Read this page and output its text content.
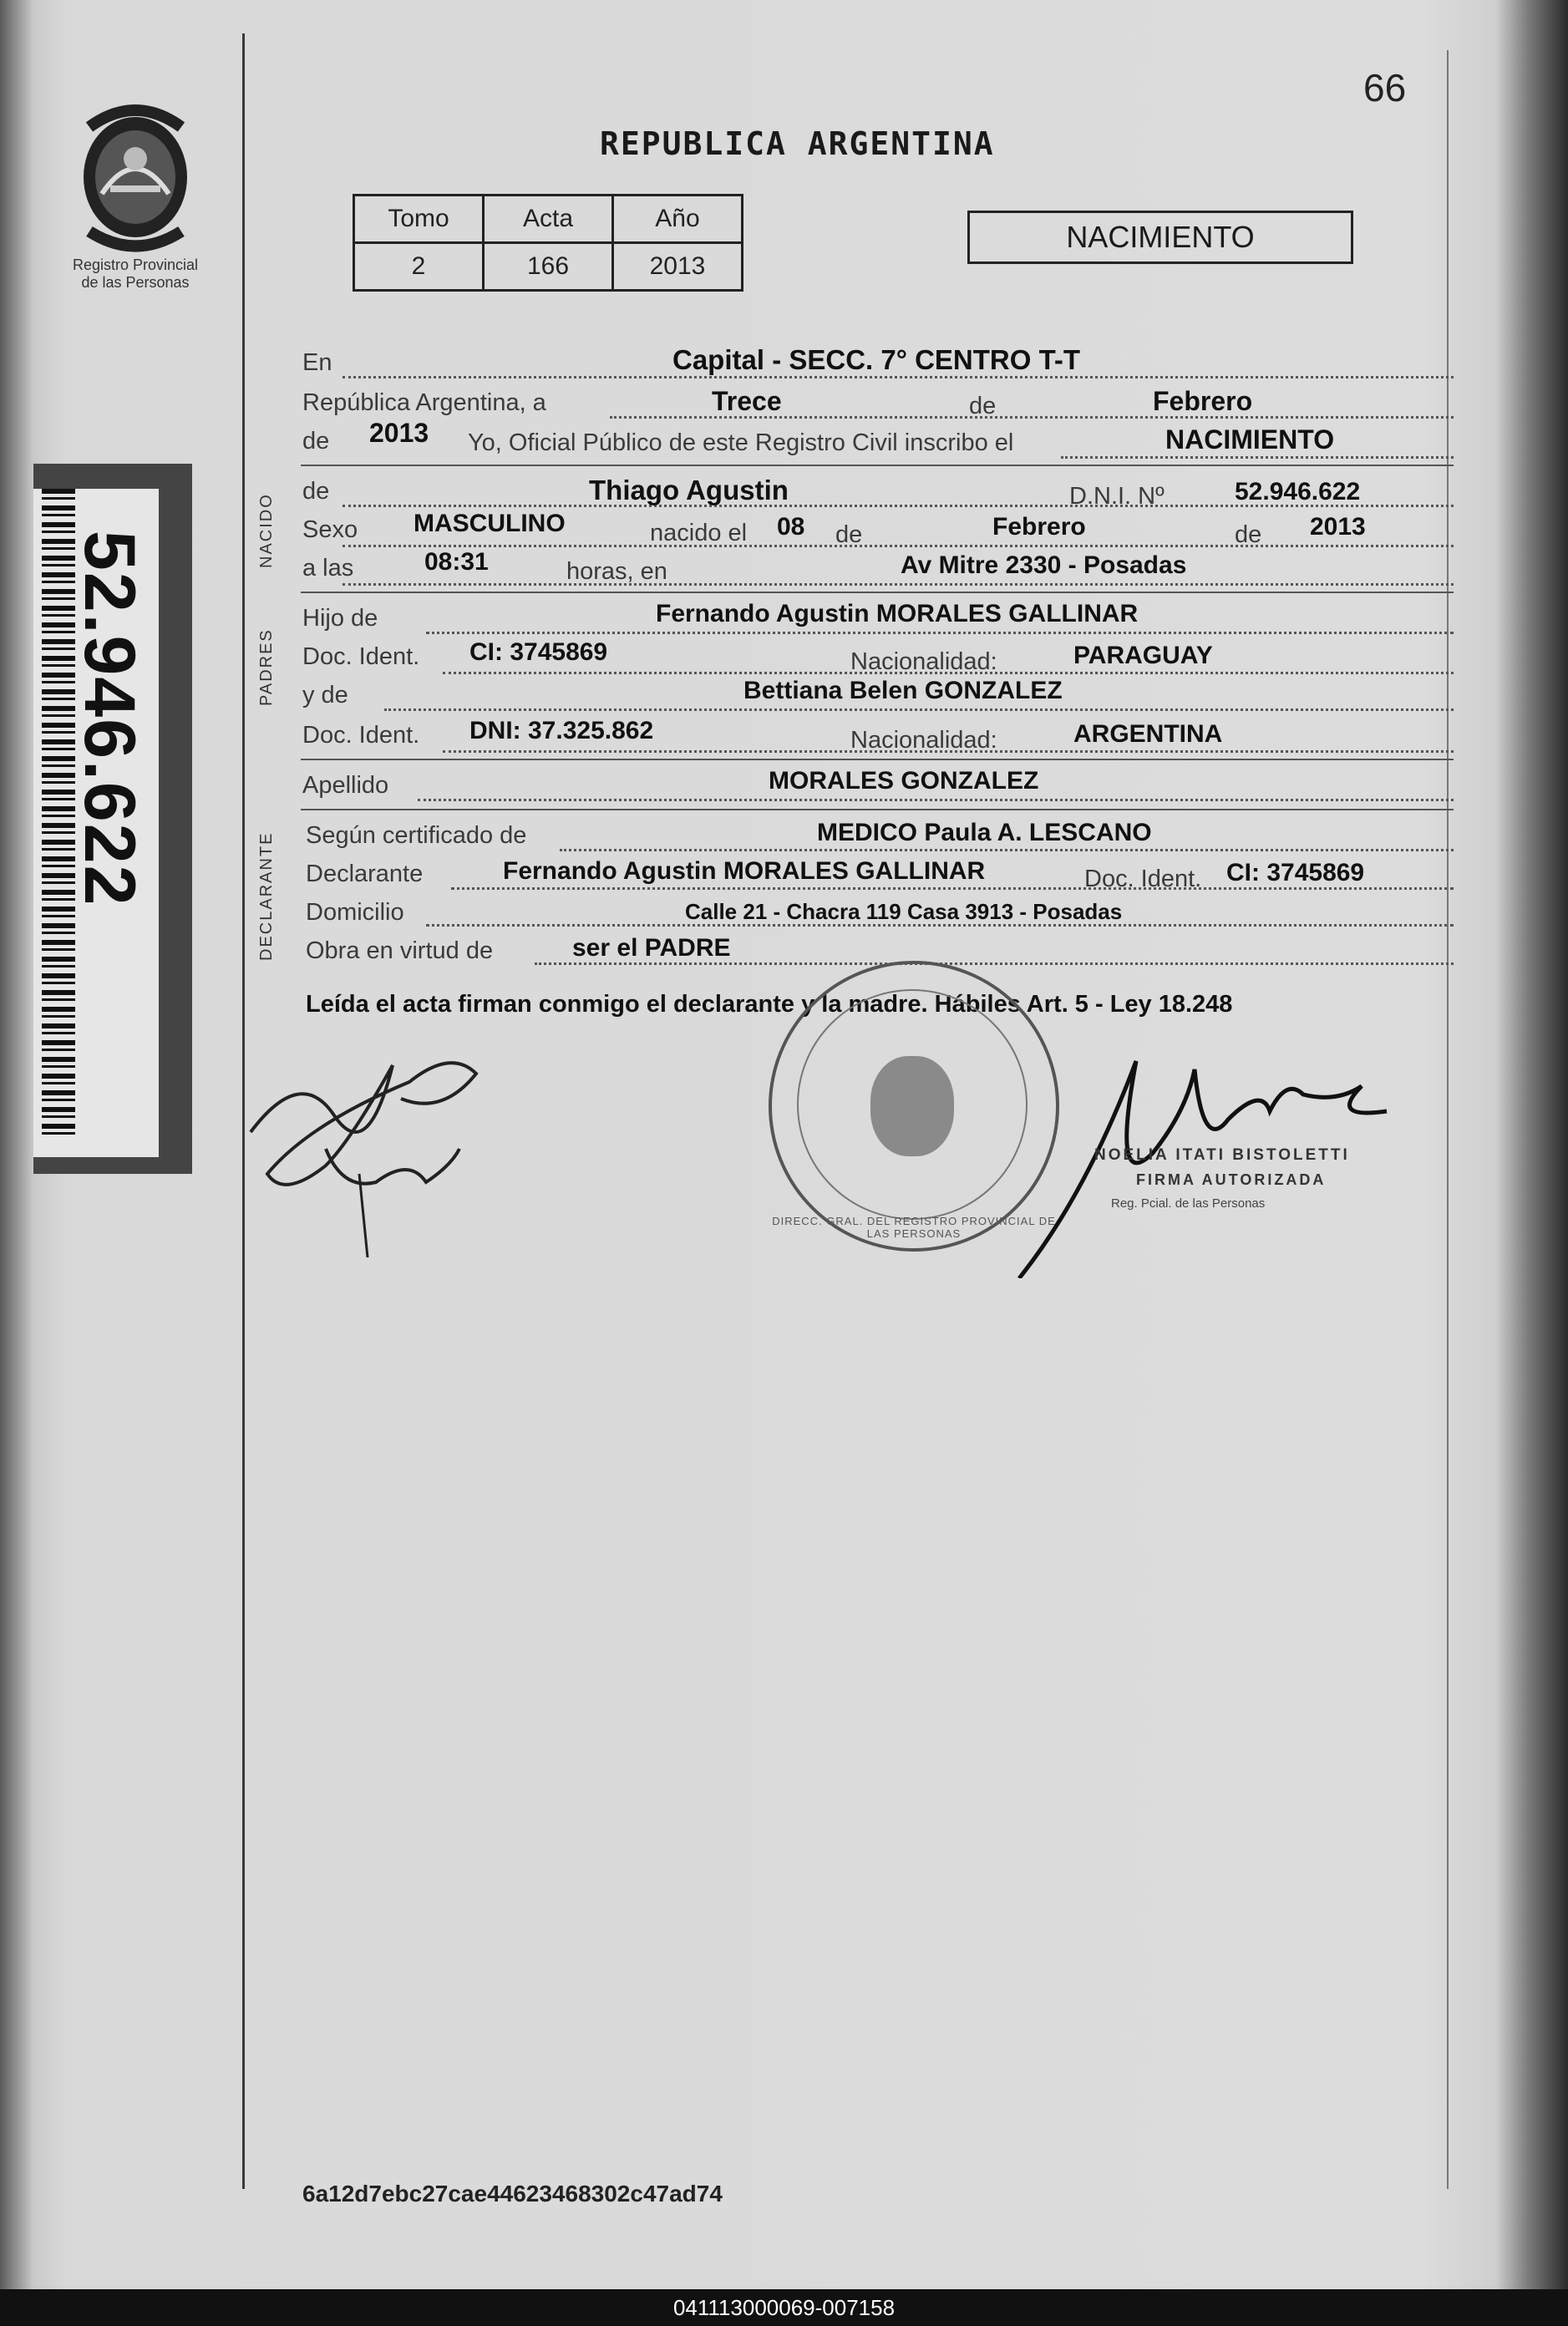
66
Registro Provincial
de las Personas
52.946.622
REPUBLICA ARGENTINA
Tomo	Acta	Año
2	166	2013
NACIMIENTO
En	Capital - SECC. 7° CENTRO T-T
República Argentina, a	Trece	de	Febrero
de 2013 Yo, Oficial Público de este Registro Civil inscribo el	NACIMIENTO
NACIDO
de	Thiago Agustin	D.N.I. Nº	52.946.622
Sexo MASCULINO	nacido el 08 de	Febrero	de 2013
a las	08:31	horas, en	Av Mitre 2330 - Posadas
PADRES
Hijo de	Fernando Agustin MORALES GALLINAR
Doc. Ident. CI: 3745869	Nacionalidad:	PARAGUAY
y de	Bettiana Belen GONZALEZ
Doc. Ident. DNI: 37.325.862	Nacionalidad:	ARGENTINA
Apellido	MORALES GONZALEZ
DECLARANTE Según certificado de	MEDICO Paula A. LESCANO
Declarante	Fernando Agustin MORALES GALLINAR	Doc. Ident. CI: 3745869
Domicilio	Calle 21 - Chacra 119 Casa 3913 - Posadas
Obra en virtud de	ser el PADRE
Leída el acta firman conmigo el declarante y la madre. Hábiles Art. 5 - Ley 18.248
NOELIA ITATI BISTOLETTI
FIRMA AUTORIZADA
Reg. Pcial. de las Personas
DIRECC. GRAL. DEL REGISTRO PROVINCIAL DE LAS PERSONAS
6a12d7ebc27cae44623468302c47ad74
041113000069-007158
